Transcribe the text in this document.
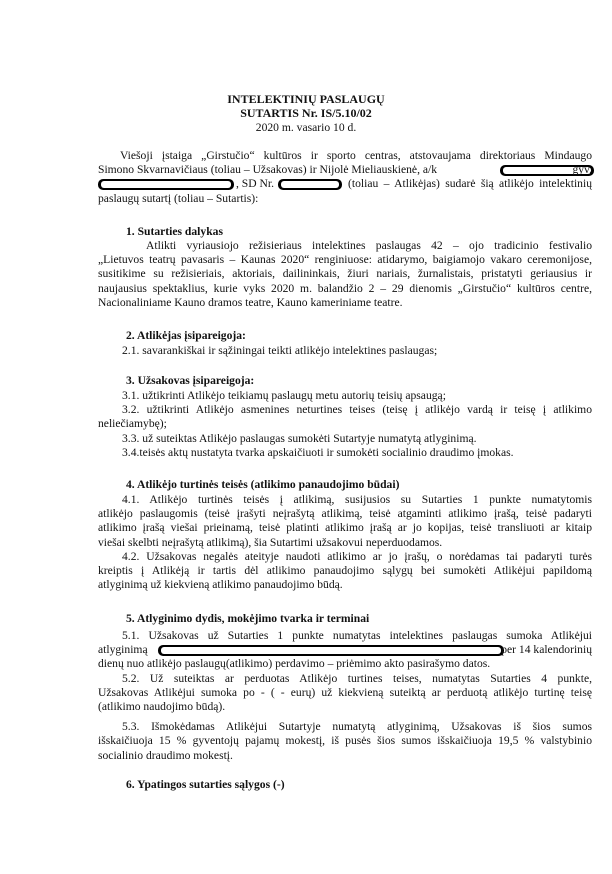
INTELEKTINIŲ PASLAUGŲ
SUTARTIS Nr. IS/5.10/02
2020 m. vasario 10 d.
Viešoji įstaiga „Girstučio“ kultūros ir sporto centras, atstovaujama direktoriaus Mindaugo
Simono Skvarnavičiaus (toliau – Užsakovas) ir Nijolė Mieliauskienė, a/k	gyv.
, SD Nr.	(toliau – Atlikėjas) sudarė šią atlikėjo intelektinių

paslaugų sutartį (toliau – Sutartis):
1. Sutarties dalykas
Atlikti vyriausiojo režisieriaus intelektines paslaugas 42 – ojo tradicinio festivalio
„Lietuvos teatrų pavasaris – Kaunas 2020“ renginiuose: atidarymo, baigiamojo vakaro ceremonijose,
susitikime su režisieriais, aktoriais, dailininkais, žiuri nariais, žurnalistais, pristatyti geriausius ir
naujausius spektaklius, kurie vyks 2020 m. balandžio 2 – 29 dienomis „Girstučio“ kultūros centre,
Nacionaliniame Kauno dramos teatre, Kauno kameriniame teatre.
2. Atlikėjas įsipareigoja:
2.1. savarankiškai ir sąžiningai teikti atlikėjo intelektines paslaugas;
3. Užsakovas įsipareigoja:
3.1. užtikrinti Atlikėjo teikiamų paslaugų metu autorių teisių apsaugą;
3.2. užtikrinti Atlikėjo asmenines neturtines teises (teisę į atlikėjo vardą ir teisę į atlikimo
neliečiamybę);
3.3. už suteiktas Atlikėjo paslaugas sumokėti Sutartyje numatytą atlyginimą.
3.4.teisės aktų nustatyta tvarka apskaičiuoti ir sumokėti socialinio draudimo įmokas.
4. Atlikėjo turtinės teisės (atlikimo panaudojimo būdai)
4.1. Atlikėjo turtinės teisės į atlikimą, susijusios su Sutarties 1 punkte numatytomis
atlikėjo paslaugomis (teisė įrašyti neįrašytą atlikimą, teisė atgaminti atlikimo įrašą, teisė padaryti
atlikimo įrašą viešai prieinamą, teisė platinti atlikimo įrašą ar jo kopijas, teisė transliuoti ar kitaip
viešai skelbti neįrašytą atlikimą), šia Sutartimi užsakovui neperduodamos.
4.2. Užsakovas negalės ateityje naudoti atlikimo ar jo įrašų, o norėdamas tai padaryti turės
kreiptis į Atlikėją ir tartis dėl atlikimo panaudojimo sąlygų bei sumokėti Atlikėjui papildomą
atlyginimą už kiekvieną atlikimo panaudojimo būdą.
5. Atlyginimo dydis, mokėjimo tvarka ir terminai
5.1. Užsakovas už Sutarties 1 punkte numatytas intelektines paslaugas sumoka Atlikėjui
atlyginimą	per 14 kalendorinių
dienų nuo atlikėjo paslaugų(atlikimo) perdavimo – priėmimo akto pasirašymo datos.
5.2. Už suteiktas ar perduotas Atlikėjo turtines teises, numatytas Sutarties 4 punkte,
Užsakovas Atlikėjui sumoka po - ( - eurų) už kiekvieną suteiktą ar perduotą atlikėjo turtinę teisę
(atlikimo naudojimo būdą).
5.3. Išmokėdamas Atlikėjui Sutartyje numatytą atlyginimą, Užsakovas iš šios sumos
išskaičiuoja 15 % gyventojų pajamų mokestį, iš pusės šios sumos išskaičiuoja 19,5 % valstybinio
socialinio draudimo mokestį.
6. Ypatingos sutarties sąlygos (-)
